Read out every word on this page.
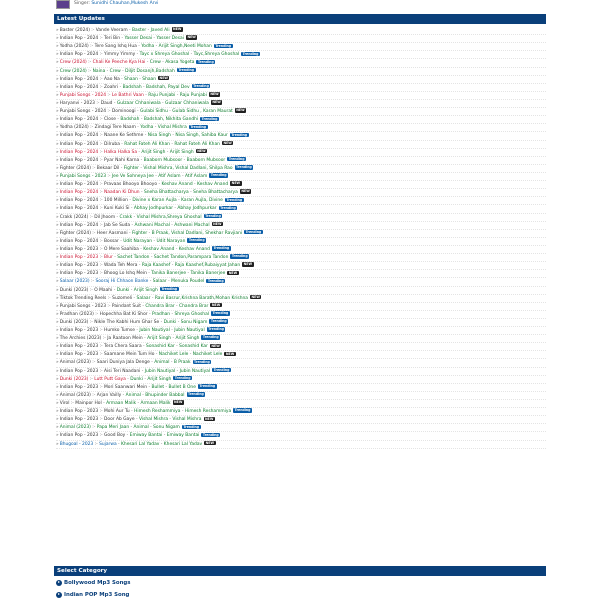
Singer: Sunidhi Chauhan,Mukesh Arvi
Latest Updates
»Baster (2024) :- Vande Veeram - Baster - Javed Ali NEW
»Indian Pop - 2024 :- Teri Bin - Yasser Desai - Yasser Desai NEW
»Yodha (2024) :- Tere Sang Ishq Hua - Yodha - Arijit Singh,Neeti Mohan Trending
»Indian Pop - 2024 :- Yimmy Yimmy - Tayc x Shreya Ghoshal - Tayc,Shreya Ghoshal Trending
»Crew (2024) :- Chali Ke Peeche Kya Hai - Crew - Akasa Yogeta Trending
»Crew (2024) :- Naina - Crew - Diljit Dosanjh,Badshah Trending
»Indian Pop - 2024 :- Aao Na - Shaan - Shaan NEW
»Indian Pop - 2024 :- Zoahri - Badshah - Badshah, Payal Dev Trending
»Punjabi Songs - 2024 :- Le Bathri Vaan - Raju Punjabi - Raju Punjabi NEW
»Haryanvi - 2023 :- Daud - Gulzaar Chhaniwala - Gulzaar Chhaniwala NEW
»Punjabi Songs - 2024 :- Dominoogi - Gulabi Sidhu - Gulab Sidhu , Karan Maurat NEW
»Indian Pop - 2024 :- Close - Badshah - Badshah, Nikhita Gandhi Trending
»Yodha (2024) :- Zindagi Tere Naam - Yodha - Vishal Mishra Trending
»Indian Pop - 2024 :- Naane Ke Sethme - Nisa Singh - Nisa Singh, Sahiba Kaur Trending
»Indian Pop - 2024 :- Dilruba - Rahat Fateh Ali Khan - Rahat Fateh Ali Khan NEW
»Indian Pop - 2024 :- Halka Halka Sa - Arijit Singh - Arijit Singh NEW
»Indian Pop - 2024 :- Pyar Nahi Karna - Baaborn Mubsoor - Baaborn Mubsoor Trending
»Fighter (2024) :- Bekaar Dil - Fighter - Vishal Mishra, Vishal Dadlani, Shilpa Rao Trending
»Punjabi Songs - 2023 :- Jee Ve Sohneya Jee - Atif Aslam - Atif Aslam Trending
»Indian Pop - 2024 :- Pravaas Bhooyo Bhooyo - Keshav Anand - Keshav Anand NEW
»Indian Pop - 2024 :- Naadan Ki Dhun - Sneha Bhattacharya - Sneha Bhattacharya NEW
»Indian Pop - 2024 :- 100 Million - Divine x Karan Aujla - Karan Aujla, Divine Trending
»Indian Pop - 2024 :- Kuni Kuki Si - Abhay Jodhpurkar - Abhay Jodhpurkar Trending
»Crakk (2024) :- Dil Jhoom - Crakk - Vishal Mishra,Shreya Ghoshal Trending
»Indian Pop - 2024 :- Jab Se Suda - Ashwani Machal - Ashwani Machal NEW
»Fighter (2024) :- Heer Aasmani - Fighter - B Praak, Vishal Dadlani, Shekhar Ravjiani Trending
»Indian Pop - 2024 :- Bossar - Udit Narayan - Udit Narayan Trending
»Indian Pop - 2023 :- O Mere Saahiba - Keshav Anand - Keshav Anand Trending
»Indian Pop - 2023 :- Blur - Sachet Tandon - Sachet Tandon,Parampara Tandon Trending
»Indian Pop - 2023 :- Wada Teh Mera - Raja Kaashef - Raja Kaashef,Rubaiyyat Jahan NEW
»Indian Pop - 2023 :- Bhoog Lo Ishq Mein - Tanika Banerjee - Tanika Banerjee NEW
»Salaar (2023) :- Sooraj Hi Chhaon Banke - Salaar - Menuka Poudel Trending
»Dunki (2023) :- O Maahi - Dunki - Arijit Singh Trending
»Tiktok Trending Reels :- Suzomeli - Salaar - Ravi Basrur,Krishna Barath,Mohan Krishna NEW
»Punjabi Songs - 2023 :- Paindant Suit - Chandra Brar - Chandra Brar NEW
»Pradhan (2023) :- Hopechha Bat Ki Shor - Pradhan - Shreya Ghoshal Trending
»Dunki (2023) :- Nikle The Kabhi Hum Ghar Se - Dunki - Sonu Nigam Trending
»Indian Pop - 2023 :- Humko Tumse - Jubin Nautiyal - Jubin Nautiyal Trending
»The Archies (2023) :- Ja Raatoon Mein - Arijit Singh - Arijit Singh Trending
»Indian Pop - 2023 :- Tera Chera Saara - Sonashid Kar - Sonashid Kar NEW
»Indian Pop - 2023 :- Saamane Mein Tum Ho - Nachiket Lele - Nachiket Lele NEW
»Animal (2023) :- Saari Duniya Jala Denge - Animal - B Praak Trending
»Indian Pop - 2023 :- Aisi Teri Naadani - Jubin Nautiyal - Jubin Nautiyal Trending
»Dunki (2023) :- Lutt Putt Gaya - Dunki - Arijit Singh Trending
»Indian Pop - 2023 :- Mori Saanwari Mein - Bullet - Bullet B One Trending
»Animal (2023) :- Arjan Vailly - Animal - Bhupinder Babbal Trending
»Virol :- Mainpor Hol - Armaan Malik - Armaan Malik NEW
»Indian Pop - 2023 :- Mohi Aur Tu - Himesh Reshammiya - Himesh Reshammiya Trending
»Indian Pop - 2023 :- Door Ab Gaye - Vishal Mishra - Vishal Mishra NEW
»Animal (2023) :- Papa Meri Jaan - Animal - Sonu Nigam Trending
»Indian Pop - 2023 :- Good Boy - Emiway Bantai - Emiway Bantai Trending
»Bhugoal - 2023 :- Sujarwa - Khesari Lal Yadav - Khesari Lal Yadav NEW
Select Category
Bollywood Mp3 Songs
Indian POP Mp3 Song
